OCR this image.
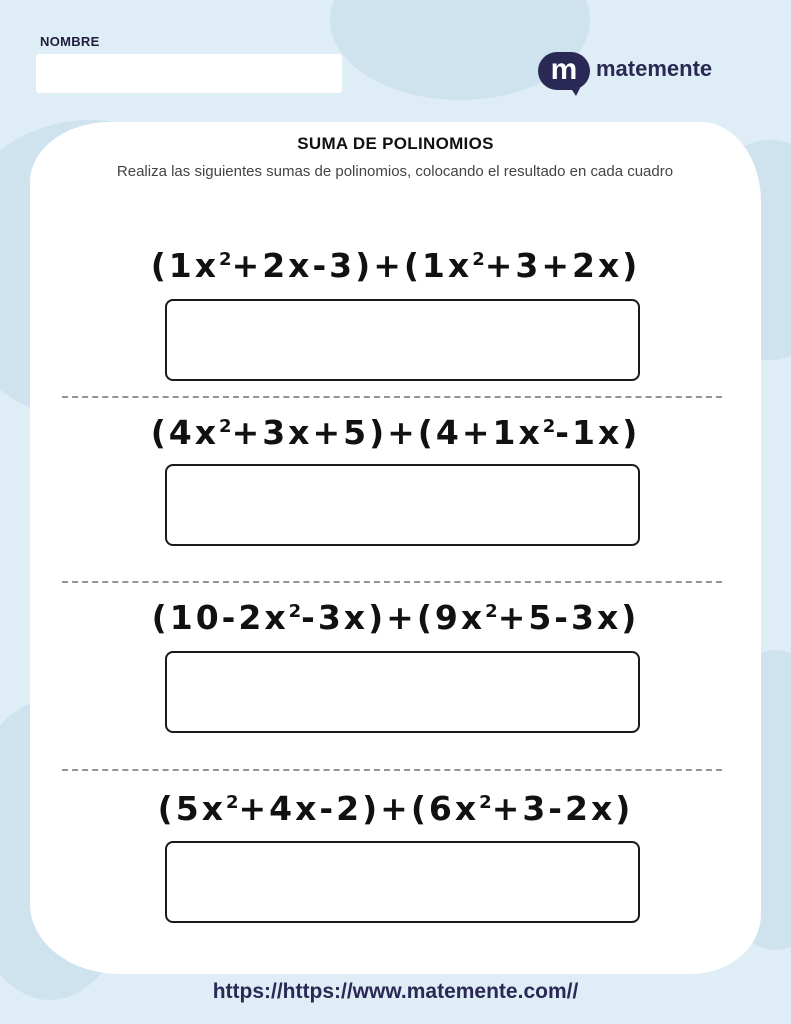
NOMBRE
m matemente
SUMA DE POLINOMIOS
Realiza las siguientes sumas de polinomios, colocando el resultado en cada cuadro
$(1x^2+2x-3)+(1x^2+3+2x)$
$(4x^2+3x+5)+(4+1x^2-1x)$
$(10-2x^2-3x)+(9x^2+5-3x)$
$(5x^2+4x-2)+(6x^2+3-2x)$
https://https://www.matemente.com//
